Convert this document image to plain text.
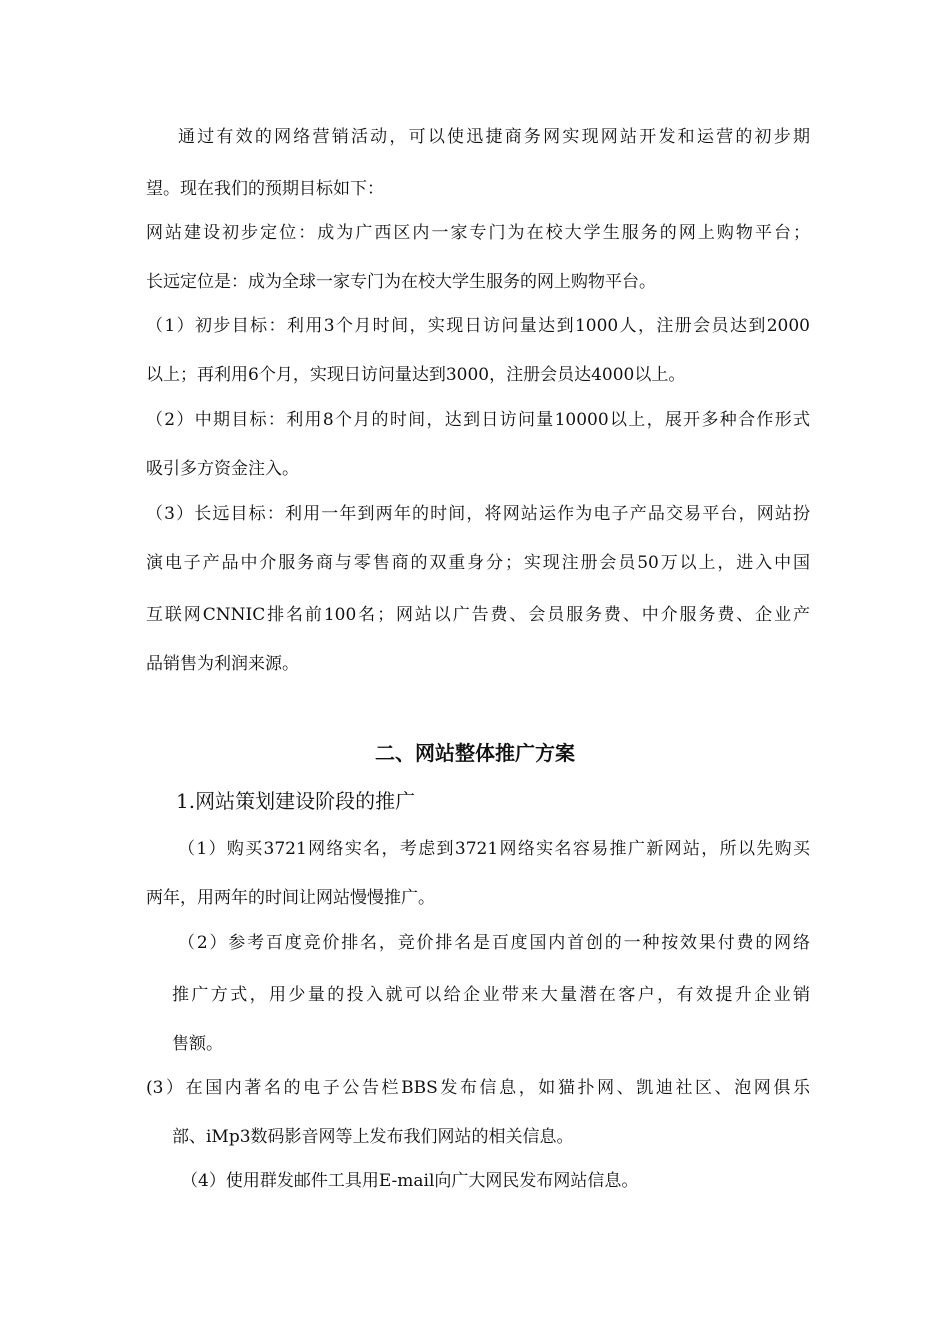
通过有效的网络营销活动，可以使迅捷商务网实现网站开发和运营的初步期
望。现在我们的预期目标如下：
网站建设初步定位：成为广西区内一家专门为在校大学生服务的网上购物平台；
长远定位是：成为全球一家专门为在校大学生服务的网上购物平台。
（1）初步目标：利用3个月时间，实现日访问量达到1000人，注册会员达到2000
以上；再利用6个月，实现日访问量达到3000，注册会员达4000以上。
（2）中期目标：利用8个月的时间，达到日访问量10000以上，展开多种合作形式
吸引多方资金注入。
（3）长远目标：利用一年到两年的时间，将网站运作为电子产品交易平台，网站扮
演电子产品中介服务商与零售商的双重身分；实现注册会员50万以上，进入中国
互联网CNNIC排名前100名；网站以广告费、会员服务费、中介服务费、企业产
品销售为利润来源。
二、网站整体推广方案
1.网站策划建设阶段的推广
（1）购买3721网络实名，考虑到3721网络实名容易推广新网站，所以先购买
两年，用两年的时间让网站慢慢推广。
（2）参考百度竞价排名，竞价排名是百度国内首创的一种按效果付费的网络
推广方式，用少量的投入就可以给企业带来大量潜在客户，有效提升企业销
售额。
(3）在国内著名的电子公告栏BBS发布信息，如猫扑网、凯迪社区、泡网俱乐
部、iMp3数码影音网等上发布我们网站的相关信息。
（4）使用群发邮件工具用E-mail向广大网民发布网站信息。
